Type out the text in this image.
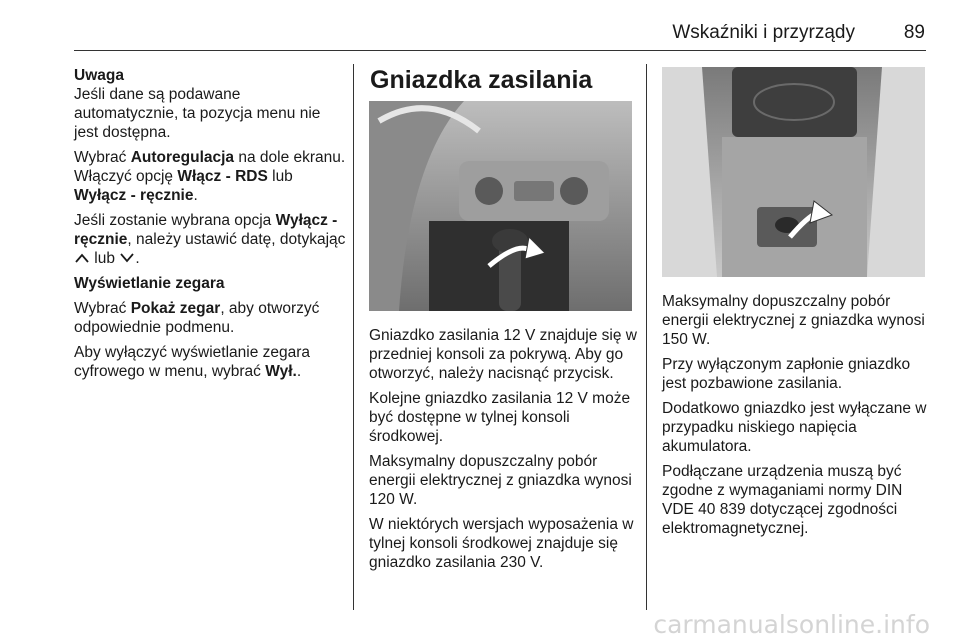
Wskaźniki i przyrządy	89

Uwaga
Jeśli dane są podawane automatycznie, ta pozycja menu nie jest dostępna.

Wybrać Autoregulacja na dole ekranu. Włączyć opcję Włącz - RDS lub Wyłącz - ręcznie.

Jeśli zostanie wybrana opcja Wyłącz - ręcznie, należy ustawić datę, dotykając  lub .

Wyświetlanie zegara

Wybrać Pokaż zegar, aby otworzyć odpowiednie podmenu.

Aby wyłączyć wyświetlanie zegara cyfrowego w menu, wybrać Wył..

Gniazdka zasilania

Gniazdko zasilania 12 V znajduje się w przedniej konsoli za pokrywą. Aby go otworzyć, należy nacisnąć przycisk.

Kolejne gniazdko zasilania 12 V może być dostępne w tylnej konsoli środkowej.

Maksymalny dopuszczalny pobór energii elektrycznej z gniazdka wynosi 120 W.

W niektórych wersjach wyposażenia w tylnej konsoli środkowej znajduje się gniazdko zasilania 230 V.

Maksymalny dopuszczalny pobór energii elektrycznej z gniazdka wynosi 150 W.

Przy wyłączonym zapłonie gniazdko jest pozbawione zasilania.

Dodatkowo gniazdko jest wyłączane w przypadku niskiego napięcia akumulatora.

Podłączane urządzenia muszą być zgodne z wymaganiami normy DIN VDE 40 839 dotyczącej zgodności elektromagnetycznej.

carmanualsonline.info
